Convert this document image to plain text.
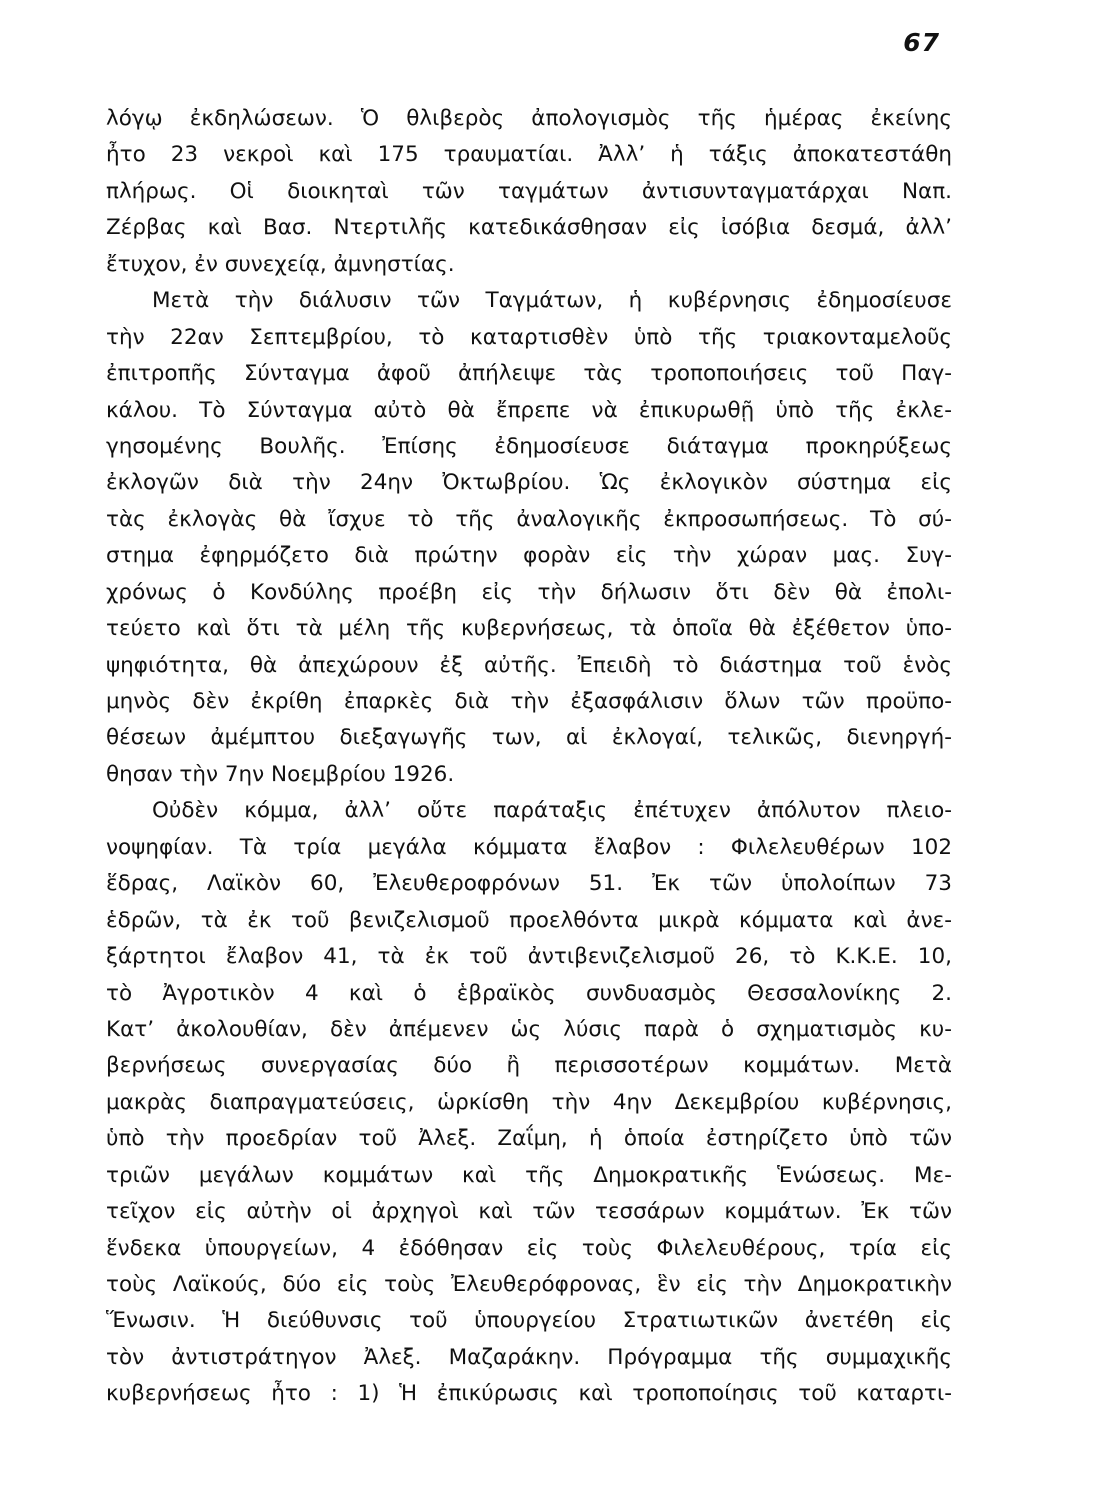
67
λόγῳ ἐκδηλώσεων. Ὁ θλιβερὸς ἀπολογισμὸς τῆς ἡμέρας ἐκείνης
ἦτο 23 νεκροὶ καὶ 175 τραυματίαι. Ἀλλ’ ἡ τάξις ἀποκατεστάθη
πλήρως. Οἱ διοικηταὶ τῶν ταγμάτων ἀντισυνταγματάρχαι Ναπ.
Ζέρβας καὶ Βασ. Ντερτιλῆς κατεδικάσθησαν εἰς ἰσόβια δεσμά, ἀλλ’
ἔτυχον, ἐν συνεχείᾳ, ἀμνηστίας.
Μετὰ τὴν διάλυσιν τῶν Ταγμάτων, ἡ κυβέρνησις ἐδημοσίευσε
τὴν 22αν Σεπτεμβρίου, τὸ καταρτισθὲν ὑπὸ τῆς τριακονταμελοῦς
ἐπιτροπῆς Σύνταγμα ἀφοῦ ἀπήλειψε τὰς τροποποιήσεις τοῦ Παγ-
κάλου. Τὸ Σύνταγμα αὐτὸ θὰ ἔπρεπε νὰ ἐπικυρωθῇ ὑπὸ τῆς ἐκλε-
γησομένης Βουλῆς. Ἐπίσης ἐδημοσίευσε διάταγμα προκηρύξεως
ἐκλογῶν διὰ τὴν 24ην Ὀκτωβρίου. Ὡς ἐκλογικὸν σύστημα εἰς
τὰς ἐκλογὰς θὰ ἴσχυε τὸ τῆς ἀναλογικῆς ἐκπροσωπήσεως. Τὸ σύ-
στημα ἐφηρμόζετο διὰ πρώτην φορὰν εἰς τὴν χώραν μας. Συγ-
χρόνως ὁ Κονδύλης προέβη εἰς τὴν δήλωσιν ὅτι δὲν θὰ ἐπολι-
τεύετο καὶ ὅτι τὰ μέλη τῆς κυβερνήσεως, τὰ ὁποῖα θὰ ἐξέθετον ὑπο-
ψηφιότητα, θὰ ἀπεχώρουν ἐξ αὐτῆς. Ἐπειδὴ τὸ διάστημα τοῦ ἑνὸς
μηνὸς δὲν ἐκρίθη ἐπαρκὲς διὰ τὴν ἐξασφάλισιν ὅλων τῶν προϋπο-
θέσεων ἀμέμπτου διεξαγωγῆς των, αἱ ἐκλογαί, τελικῶς, διενηργή-
θησαν τὴν 7ην Νοεμβρίου 1926.
Οὐδὲν κόμμα, ἀλλ’ οὔτε παράταξις ἐπέτυχεν ἀπόλυτον πλειο-
νοψηφίαν. Τὰ τρία μεγάλα κόμματα ἔλαβον : Φιλελευθέρων 102
ἕδρας, Λαϊκὸν 60, Ἐλευθεροφρόνων 51. Ἐκ τῶν ὑπολοίπων 73
ἑδρῶν, τὰ ἐκ τοῦ βενιζελισμοῦ προελθόντα μικρὰ κόμματα καὶ ἀνε-
ξάρτητοι ἔλαβον 41, τὰ ἐκ τοῦ ἀντιβενιζελισμοῦ 26, τὸ Κ.Κ.Ε. 10,
τὸ Ἀγροτικὸν 4 καὶ ὁ ἑβραϊκὸς συνδυασμὸς Θεσσαλονίκης 2.
Κατ’ ἀκολουθίαν, δὲν ἀπέμενεν ὡς λύσις παρὰ ὁ σχηματισμὸς κυ-
βερνήσεως συνεργασίας δύο ἢ περισσοτέρων κομμάτων. Μετὰ
μακρὰς διαπραγματεύσεις, ὡρκίσθη τὴν 4ην Δεκεμβρίου κυβέρνησις,
ὑπὸ τὴν προεδρίαν τοῦ Ἀλεξ. Ζαΐμη, ἡ ὁποία ἐστηρίζετο ὑπὸ τῶν
τριῶν μεγάλων κομμάτων καὶ τῆς Δημοκρατικῆς Ἑνώσεως. Με-
τεῖχον εἰς αὐτὴν οἱ ἀρχηγοὶ καὶ τῶν τεσσάρων κομμάτων. Ἐκ τῶν
ἕνδεκα ὑπουργείων, 4 ἐδόθησαν εἰς τοὺς Φιλελευθέρους, τρία εἰς
τοὺς Λαϊκούς, δύο εἰς τοὺς Ἐλευθερόφρονας, ἓν εἰς τὴν Δημοκρατικὴν
Ἕνωσιν. Ἡ διεύθυνσις τοῦ ὑπουργείου Στρατιωτικῶν ἀνετέθη εἰς
τὸν ἀντιστράτηγον Ἀλεξ. Μαζαράκην. Πρόγραμμα τῆς συμμαχικῆς
κυβερνήσεως ἦτο : 1) Ἡ ἐπικύρωσις καὶ τροποποίησις τοῦ καταρτι-
